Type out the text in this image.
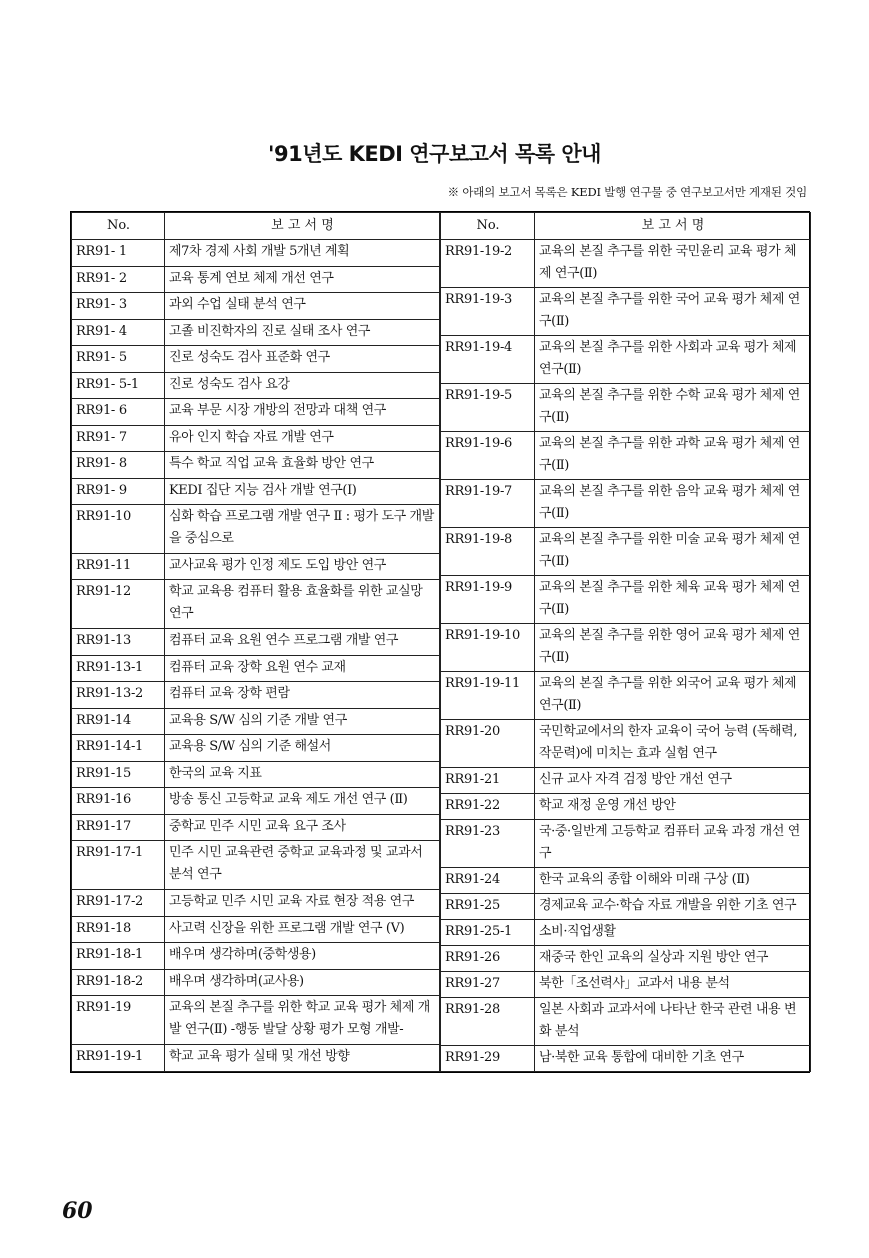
'91년도 KEDI 연구보고서 목록 안내
※ 아래의 보고서 목록은 KEDI 발행 연구물 중 연구보고서만 게재된 것임
No.	보 고 서 명
RR91- 1	제7차 경제 사회 개발 5개년 계획
RR91- 2	교육 통계 연보 체제 개선 연구
RR91- 3	과외 수업 실태 분석 연구
RR91- 4	고졸 비진학자의 진로 실태 조사 연구
RR91- 5	진로 성숙도 검사 표준화 연구
RR91- 5-1	진로 성숙도 검사 요강
RR91- 6	교육 부문 시장 개방의 전망과 대책 연구
RR91- 7	유아 인지 학습 자료 개발 연구
RR91- 8	특수 학교 직업 교육 효율화 방안 연구
RR91- 9	KEDI 집단 지능 검사 개발 연구(Ⅰ)
RR91-10	심화 학습 프로그램 개발 연구 Ⅱ : 평가 도구 개발을 중심으로
RR91-11	교사교육 평가 인정 제도 도입 방안 연구
RR91-12	학교 교육용 컴퓨터 활용 효율화를 위한 교실망 연구
RR91-13	컴퓨터 교육 요원 연수 프로그램 개발 연구
RR91-13-1	컴퓨터 교육 장학 요원 연수 교재
RR91-13-2	컴퓨터 교육 장학 편람
RR91-14	교육용 S/W 심의 기준 개발 연구
RR91-14-1	교육용 S/W 심의 기준 해설서
RR91-15	한국의 교육 지표
RR91-16	방송 통신 고등학교 교육 제도 개선 연구 (Ⅱ)
RR91-17	중학교 민주 시민 교육 요구 조사
RR91-17-1	민주 시민 교육관련 중학교 교육과정 및 교과서 분석 연구
RR91-17-2	고등학교 민주 시민 교육 자료 현장 적용 연구
RR91-18	사고력 신장을 위한 프로그램 개발 연구 (Ⅴ)
RR91-18-1	배우며 생각하며(중학생용)
RR91-18-2	배우며 생각하며(교사용)
RR91-19	교육의 본질 추구를 위한 학교 교육 평가 체제 개발 연구(Ⅱ) -행동 발달 상황 평가 모형 개발-
RR91-19-1	학교 교육 평가 실태 및 개선 방향
No.	보 고 서 명
RR91-19-2	교육의 본질 추구를 위한 국민윤리 교육 평가 체제 연구(Ⅱ)
RR91-19-3	교육의 본질 추구를 위한 국어 교육 평가 체제 연구(Ⅱ)
RR91-19-4	교육의 본질 추구를 위한 사회과 교육 평가 체제 연구(Ⅱ)
RR91-19-5	교육의 본질 추구를 위한 수학 교육 평가 체제 연구(Ⅱ)
RR91-19-6	교육의 본질 추구를 위한 과학 교육 평가 체제 연구(Ⅱ)
RR91-19-7	교육의 본질 추구를 위한 음악 교육 평가 체제 연구(Ⅱ)
RR91-19-8	교육의 본질 추구를 위한 미술 교육 평가 체제 연구(Ⅱ)
RR91-19-9	교육의 본질 추구를 위한 체육 교육 평가 체제 연구(Ⅱ)
RR91-19-10	교육의 본질 추구를 위한 영어 교육 평가 체제 연구(Ⅱ)
RR91-19-11	교육의 본질 추구를 위한 외국어 교육 평가 체제 연구(Ⅱ)
RR91-20	국민학교에서의 한자 교육이 국어 능력 (독해력, 작문력)에 미치는 효과 실험 연구
RR91-21	신규 교사 자격 검정 방안 개선 연구
RR91-22	학교 재정 운영 개선 방안
RR91-23	국·중·일반계 고등학교 컴퓨터 교육 과정 개선 연구
RR91-24	한국 교육의 종합 이해와 미래 구상 (Ⅱ)
RR91-25	경제교육 교수·학습 자료 개발을 위한 기초 연구
RR91-25-1	소비·직업생활
RR91-26	재중국 한인 교육의 실상과 지원 방안 연구
RR91-27	북한「조선력사」교과서 내용 분석
RR91-28	일본 사회과 교과서에 나타난 한국 관련 내용 변화 분석
RR91-29	남·북한 교육 통합에 대비한 기초 연구
60
